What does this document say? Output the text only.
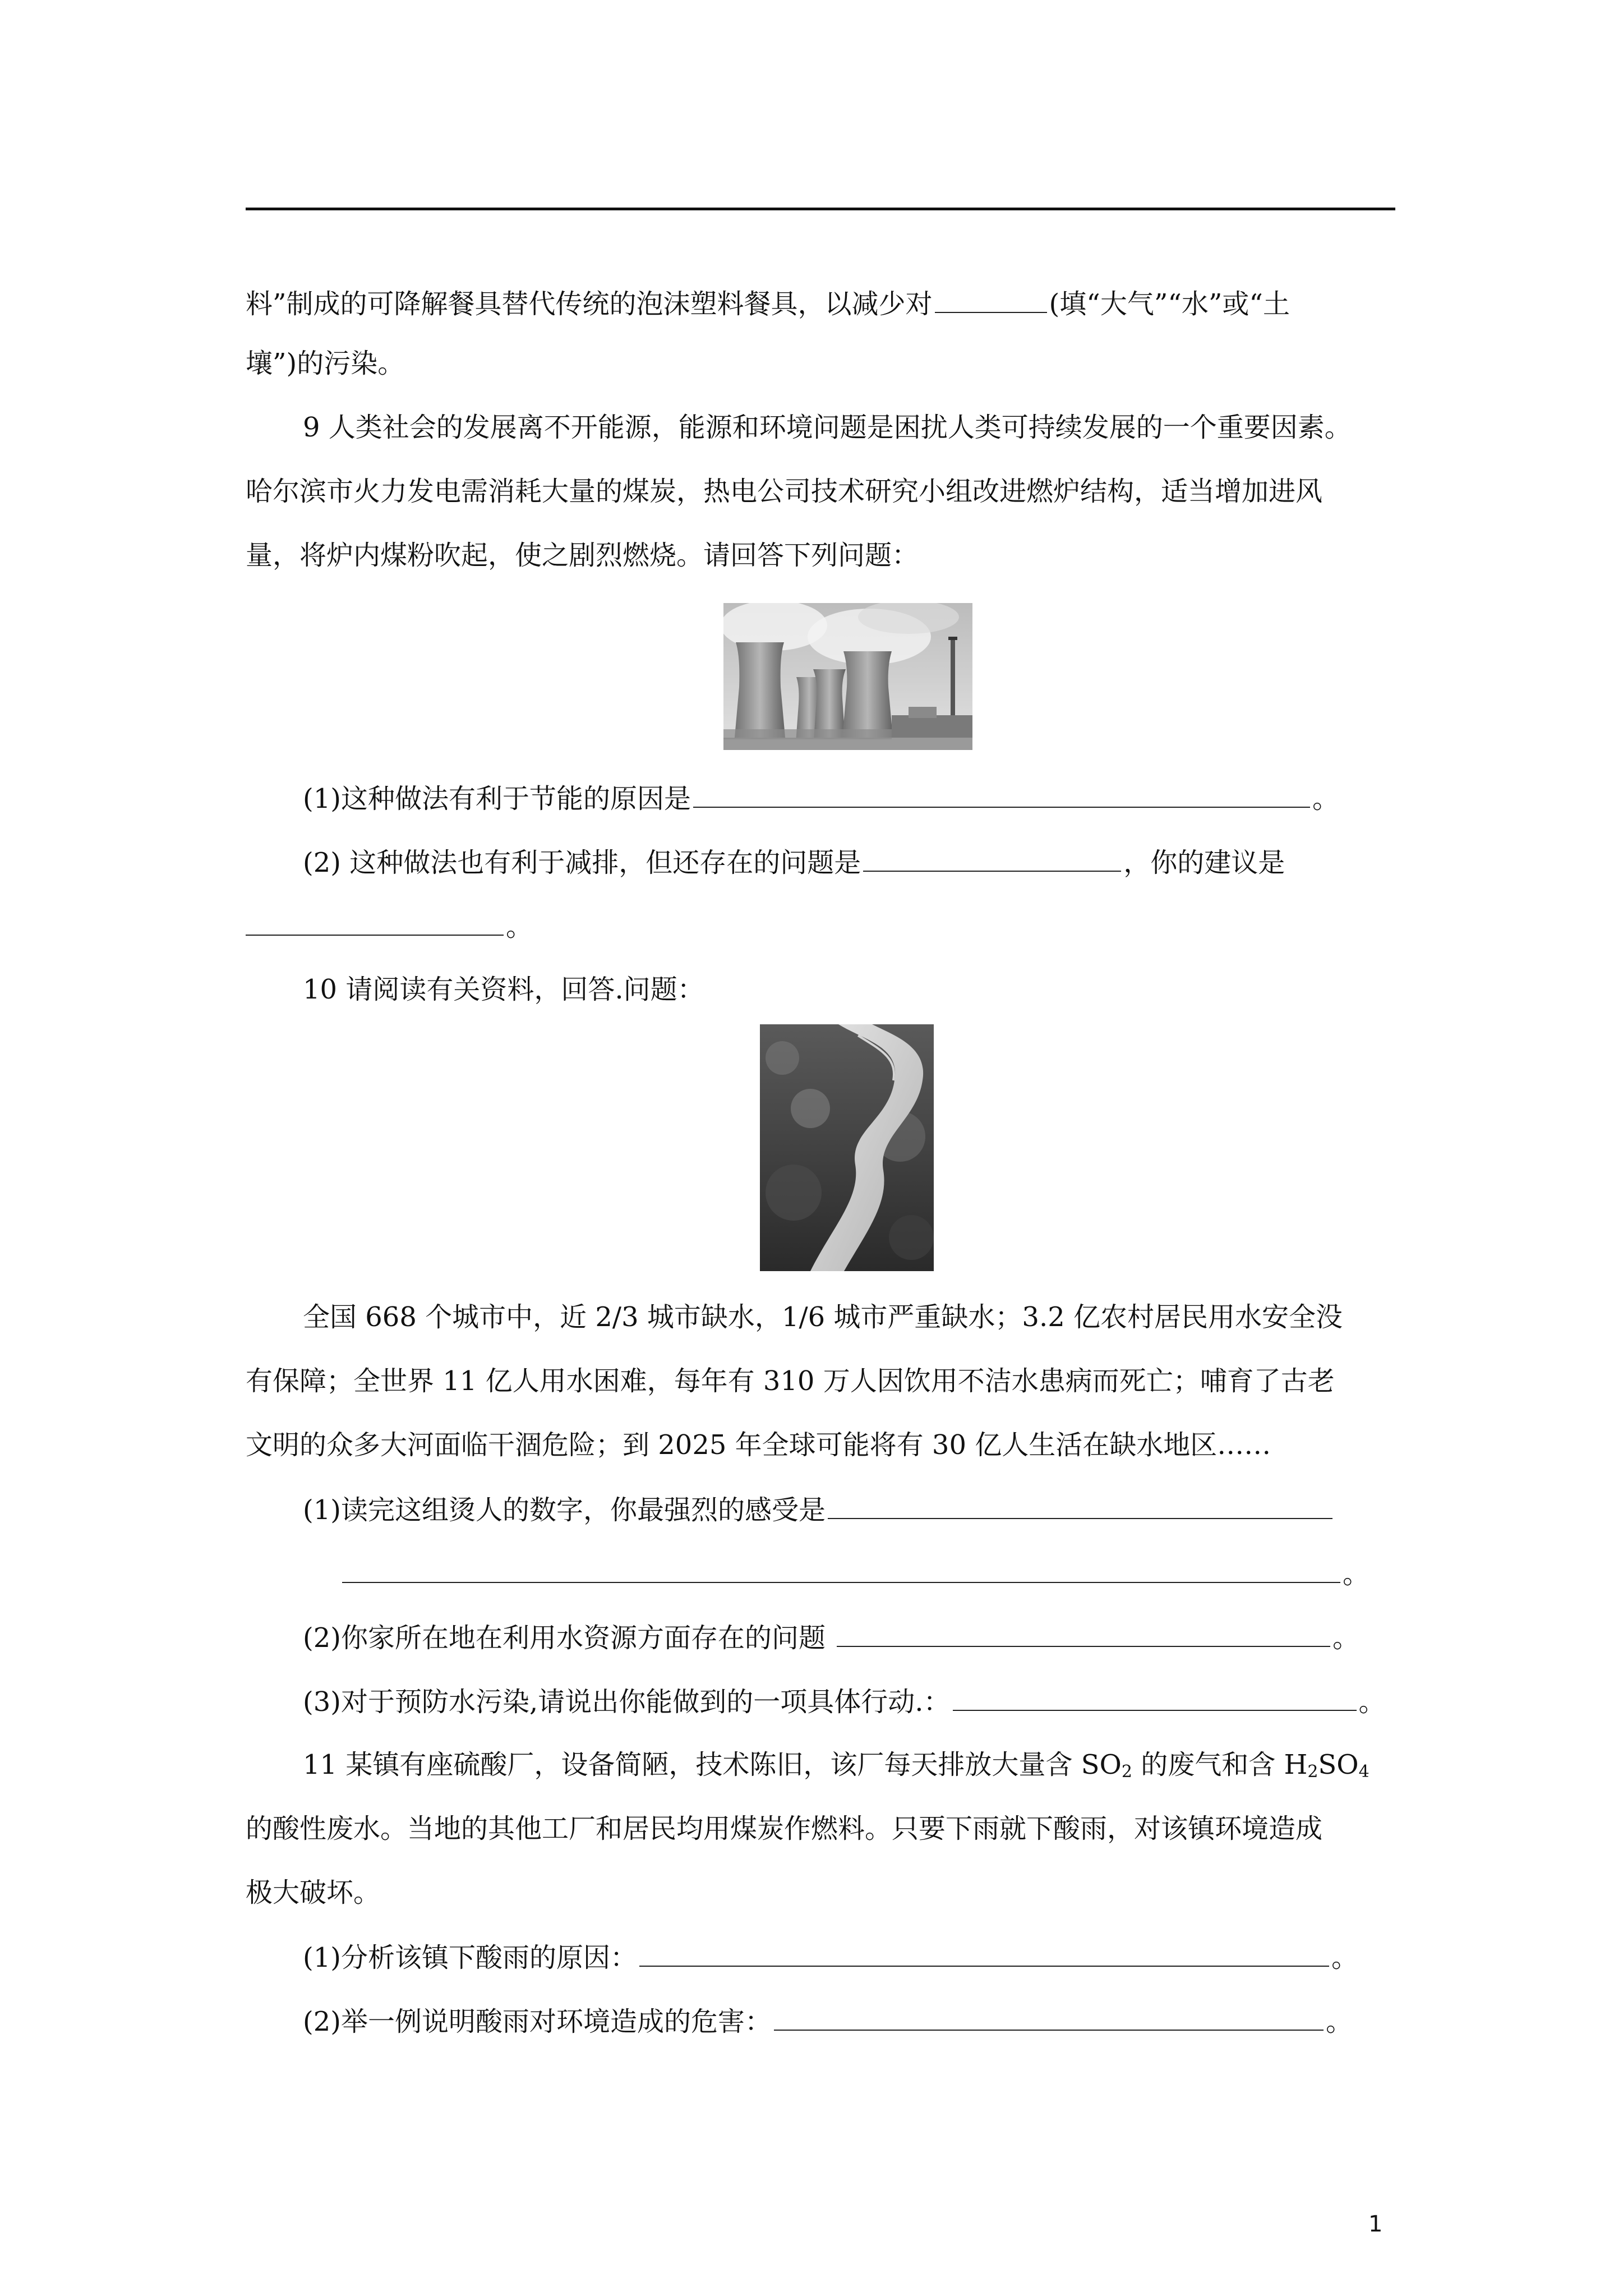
料”制成的可降解餐具替代传统的泡沫塑料餐具，以减少对	(填“大气”“水”或“土
壤”)的污染。
9 人类社会的发展离不开能源，能源和环境问题是困扰人类可持续发展的一个重要因素。
哈尔滨市火力发电需消耗大量的煤炭，热电公司技术研究小组改进燃炉结构，适当增加进风
量，将炉内煤粉吹起，使之剧烈燃烧。请回答下列问题：
(1)这种做法有利于节能的原因是	。
(2) 这种做法也有利于减排，但还存在的问题是	，你的建议是
。
10 请阅读有关资料，回答.问题：
全国 668 个城市中，近 2/3 城市缺水，1/6 城市严重缺水；3.2 亿农村居民用水安全没
有保障；全世界 11 亿人用水困难，每年有 310 万人因饮用不洁水患病而死亡；哺育了古老
文明的众多大河面临干涸危险；到 2025 年全球可能将有 30 亿人生活在缺水地区……
(1)读完这组烫人的数字，你最强烈的感受是
。
(2)你家所在地在利用水资源方面存在的问题	。
(3)对于预防水污染,请说出你能做到的一项具体行动.：	。
11 某镇有座硫酸厂，设备简陋，技术陈旧，该厂每天排放大量含 $SO_2$ 的废气和含 $H_2SO_4$
的酸性废水。当地的其他工厂和居民均用煤炭作燃料。只要下雨就下酸雨，对该镇环境造成
极大破坏。
(1)分析该镇下酸雨的原因：	。
(2)举一例说明酸雨对环境造成的危害：	。
1
